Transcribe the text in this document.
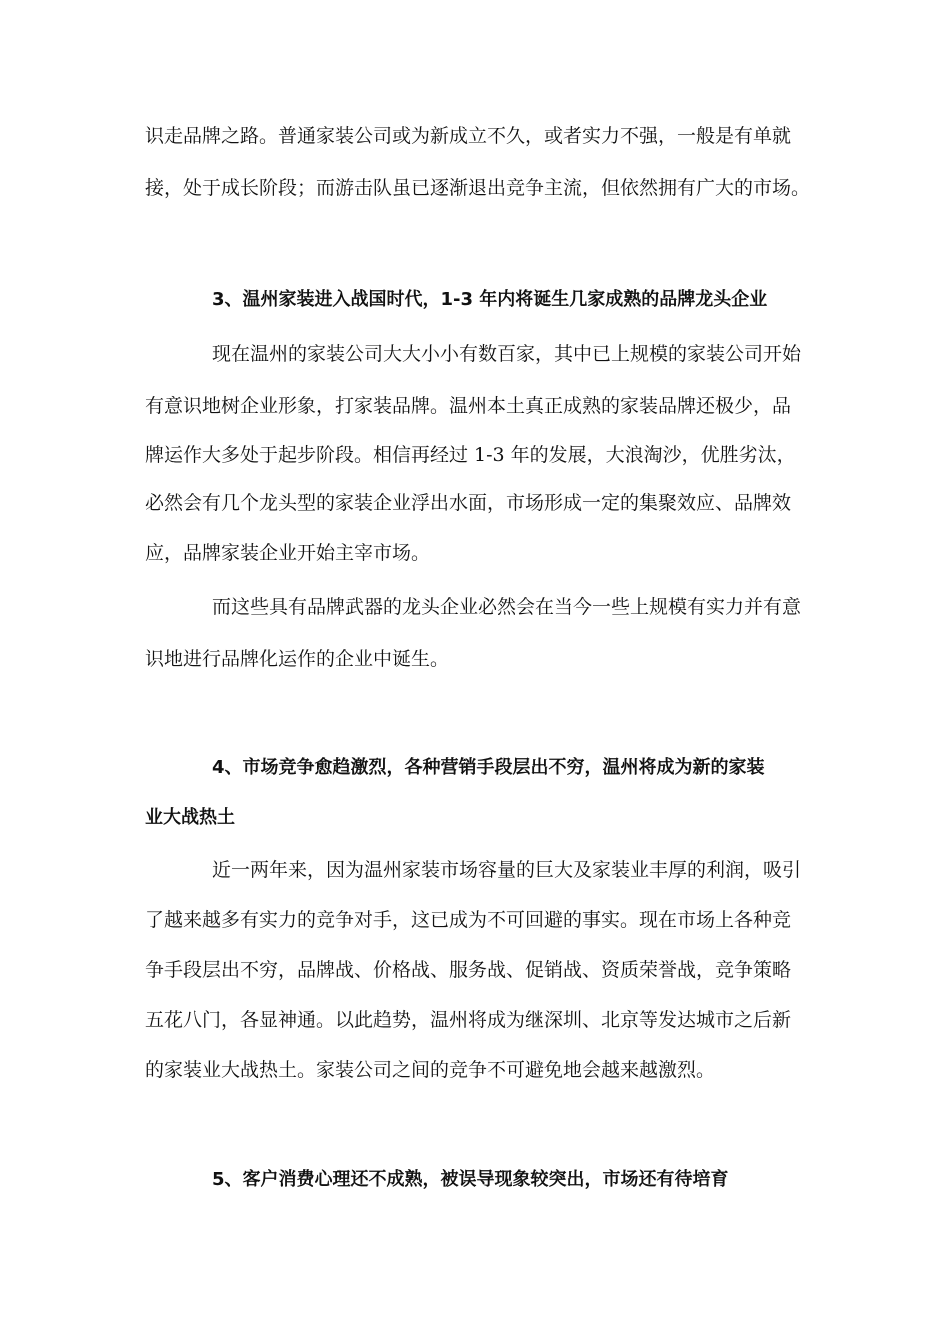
识走品牌之路。普通家装公司或为新成立不久，或者实力不强，一般是有单就
接，处于成长阶段；而游击队虽已逐渐退出竞争主流，但依然拥有广大的市场。
3、温州家装进入战国时代，1-3 年内将诞生几家成熟的品牌龙头企业
现在温州的家装公司大大小小有数百家，其中已上规模的家装公司开始
有意识地树企业形象，打家装品牌。温州本土真正成熟的家装品牌还极少，品
牌运作大多处于起步阶段。相信再经过 1-3 年的发展，大浪淘沙，优胜劣汰，
必然会有几个龙头型的家装企业浮出水面，市场形成一定的集聚效应、品牌效
应，品牌家装企业开始主宰市场。
而这些具有品牌武器的龙头企业必然会在当今一些上规模有实力并有意
识地进行品牌化运作的企业中诞生。
4、市场竞争愈趋激烈，各种营销手段层出不穷，温州将成为新的家装
业大战热土
近一两年来，因为温州家装市场容量的巨大及家装业丰厚的利润，吸引
了越来越多有实力的竞争对手，这已成为不可回避的事实。现在市场上各种竞
争手段层出不穷，品牌战、价格战、服务战、促销战、资质荣誉战，竞争策略
五花八门，各显神通。以此趋势，温州将成为继深圳、北京等发达城市之后新
的家装业大战热土。家装公司之间的竞争不可避免地会越来越激烈。
5、客户消费心理还不成熟，被误导现象较突出，市场还有待培育
